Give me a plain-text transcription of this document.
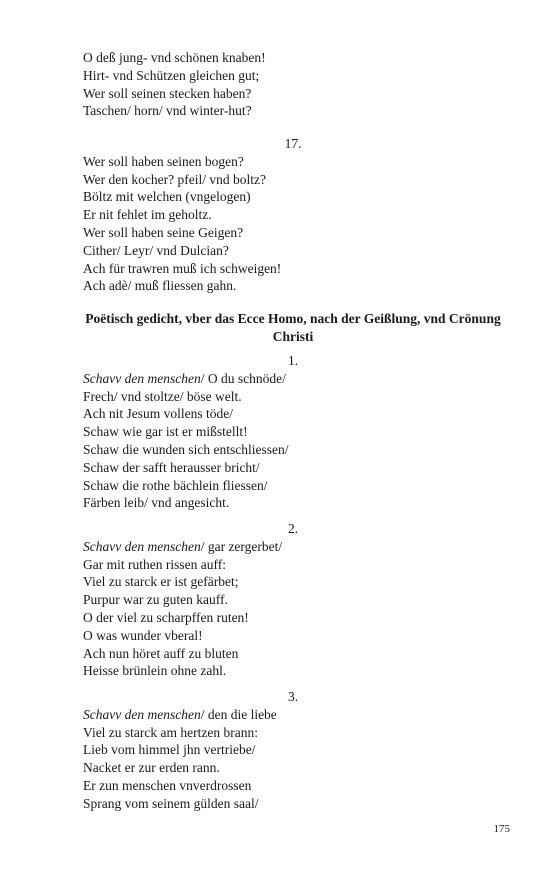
O deß jung- vnd schönen knaben!
Hirt- vnd Schützen gleichen gut;
Wer soll seinen stecken haben?
Taschen/ horn/ vnd winter-hut?
17.
Wer soll haben seinen bogen?
Wer den kocher? pfeil/ vnd boltz?
Böltz mit welchen (vngelogen)
Er nit fehlet im geholtz.
Wer soll haben seine Geigen?
Cither/ Leyr/ vnd Dulcian?
Ach für trawren muß ich schweigen!
Ach adè/ muß fliessen gahn.
Poëtisch gedicht, vber das Ecce Homo, nach der Geißlung, vnd Crönung Christi
1.
Schavv den menschen/ O du schnöde/
Frech/ vnd stoltze/ böse welt.
Ach nit Jesum vollens töde/
Schaw wie gar ist er mißstellt!
Schaw die wunden sich entschliessen/
Schaw der safft herausser bricht/
Schaw die rothe bächlein fliessen/
Färben leib/ vnd angesicht.
2.
Schavv den menschen/ gar zergerbet/
Gar mit ruthen rissen auff:
Viel zu starck er ist gefärbet;
Purpur war zu guten kauff.
O der viel zu scharpffen ruten!
O was wunder vberal!
Ach nun höret auff zu bluten
Heisse brünlein ohne zahl.
3.
Schavv den menschen/ den die liebe
Viel zu starck am hertzen brann:
Lieb vom himmel jhn vertriebe/
Nacket er zur erden rann.
Er zun menschen vnverdrossen
Sprang vom seinem gülden saal/
175
